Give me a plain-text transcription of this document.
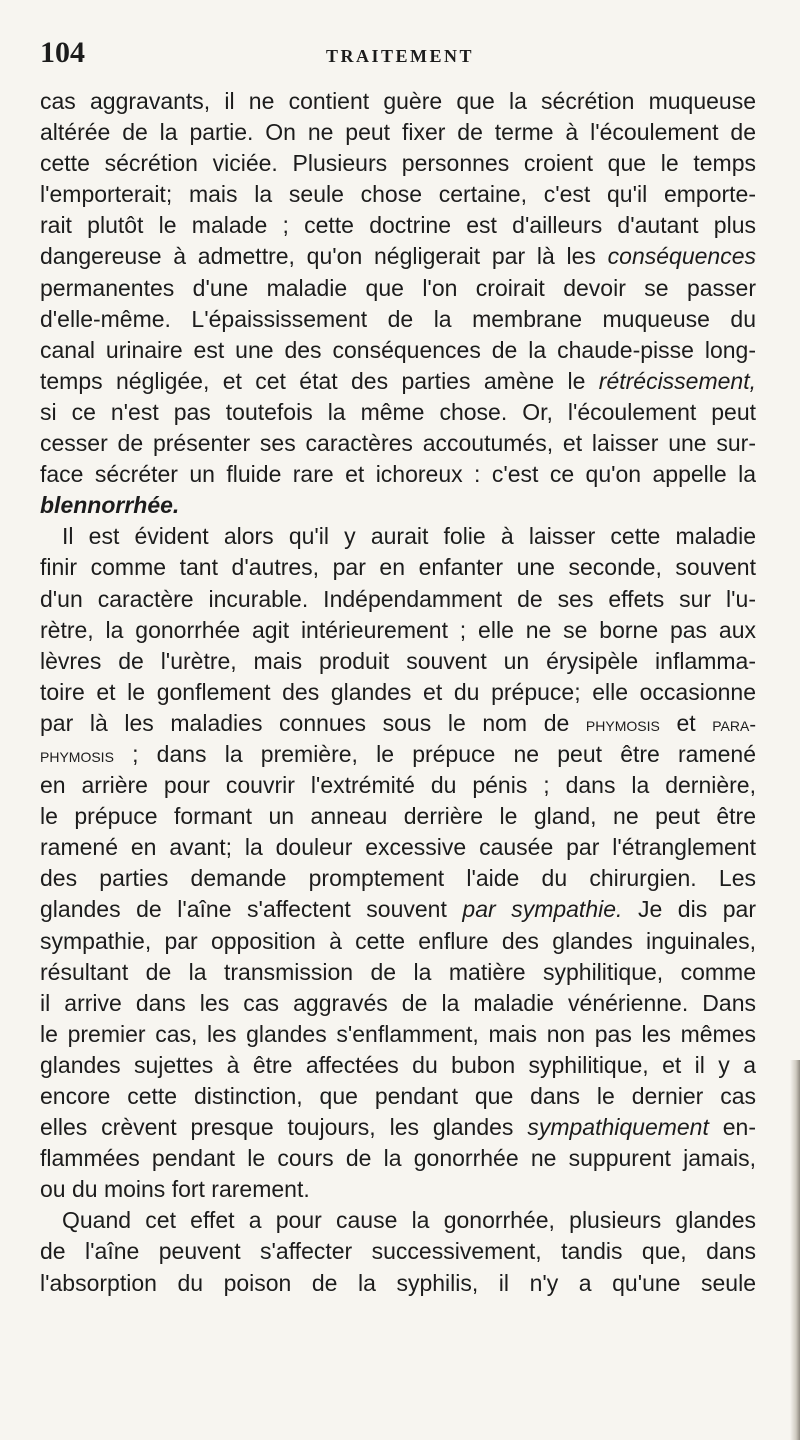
104	TRAITEMENT
cas aggravants, il ne contient guère que la sécrétion muqueuse
altérée de la partie. On ne peut fixer de terme à l'écoulement de
cette sécrétion viciée. Plusieurs personnes croient que le temps
l'emporterait; mais la seule chose certaine, c'est qu'il emporte-
rait plutôt le malade ; cette doctrine est d'ailleurs d'autant plus
dangereuse à admettre, qu'on négligerait par là les conséquences
permanentes d'une maladie que l'on croirait devoir se passer
d'elle-même. L'épaississement de la membrane muqueuse du
canal urinaire est une des conséquences de la chaude-pisse long-
temps négligée, et cet état des parties amène le rétrécissement,
si ce n'est pas toutefois la même chose. Or, l'écoulement peut
cesser de présenter ses caractères accoutumés, et laisser une sur-
face sécréter un fluide rare et ichoreux : c'est ce qu'on appelle la
blennorrhée.
Il est évident alors qu'il y aurait folie à laisser cette maladie
finir comme tant d'autres, par en enfanter une seconde, souvent
d'un caractère incurable. Indépendamment de ses effets sur l'u-
rètre, la gonorrhée agit intérieurement ; elle ne se borne pas aux
lèvres de l'urètre, mais produit souvent un érysipèle inflamma-
toire et le gonflement des glandes et du prépuce; elle occasionne
par là les maladies connues sous le nom de phymosis et para-
phymosis ; dans la première, le prépuce ne peut être ramené
en arrière pour couvrir l'extrémité du pénis ; dans la dernière,
le prépuce formant un anneau derrière le gland, ne peut être
ramené en avant; la douleur excessive causée par l'étranglement
des parties demande promptement l'aide du chirurgien. Les
glandes de l'aîne s'affectent souvent par sympathie. Je dis par
sympathie, par opposition à cette enflure des glandes inguinales,
résultant de la transmission de la matière syphilitique, comme
il arrive dans les cas aggravés de la maladie vénérienne. Dans
le premier cas, les glandes s'enflamment, mais non pas les mêmes
glandes sujettes à être affectées du bubon syphilitique, et il y a
encore cette distinction, que pendant que dans le dernier cas
elles crèvent presque toujours, les glandes sympathiquement en-
flammées pendant le cours de la gonorrhée ne suppurent jamais,
ou du moins fort rarement.
Quand cet effet a pour cause la gonorrhée, plusieurs glandes
de l'aîne peuvent s'affecter successivement, tandis que, dans
l'absorption du poison de la syphilis, il n'y a qu'une seule
